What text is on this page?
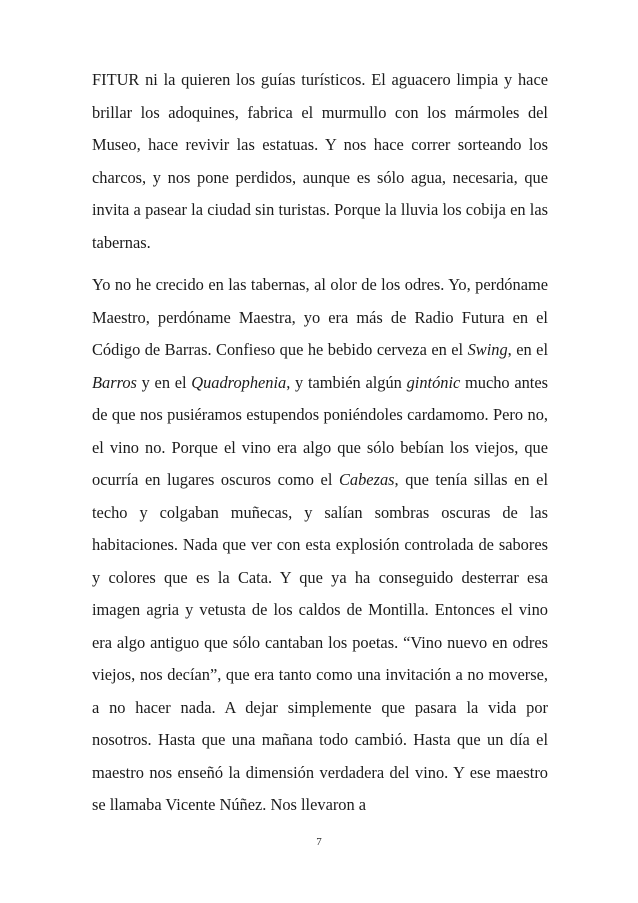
FITUR ni la quieren los guías turísticos. El aguacero limpia y hace brillar los adoquines, fabrica el murmullo con los mármoles del Museo, hace revivir las estatuas. Y nos hace correr sorteando los charcos, y nos pone perdidos, aunque es sólo agua, necesaria, que invita a pasear la ciudad sin turistas. Porque la lluvia los cobija en las tabernas.

Yo no he crecido en las tabernas, al olor de los odres. Yo, perdóname Maestro, perdóname Maestra, yo era más de Radio Futura en el Código de Barras. Confieso que he bebido cerveza en el Swing, en el Barros y en el Quadrophenia, y también algún gintónic mucho antes de que nos pusiéramos estupendos poniéndoles cardamomo. Pero no, el vino no. Porque el vino era algo que sólo bebían los viejos, que ocurría en lugares oscuros como el Cabezas, que tenía sillas en el techo y colgaban muñecas, y salían sombras oscuras de las habitaciones. Nada que ver con esta explosión controlada de sabores y colores que es la Cata. Y que ya ha conseguido desterrar esa imagen agria y vetusta de los caldos de Montilla. Entonces el vino era algo antiguo que sólo cantaban los poetas. “Vino nuevo en odres viejos, nos decían”, que era tanto como una invitación a no moverse, a no hacer nada. A dejar simplemente que pasara la vida por nosotros. Hasta que una mañana todo cambió. Hasta que un día el maestro nos enseñó la dimensión verdadera del vino. Y ese maestro se llamaba Vicente Núñez. Nos llevaron a

7
